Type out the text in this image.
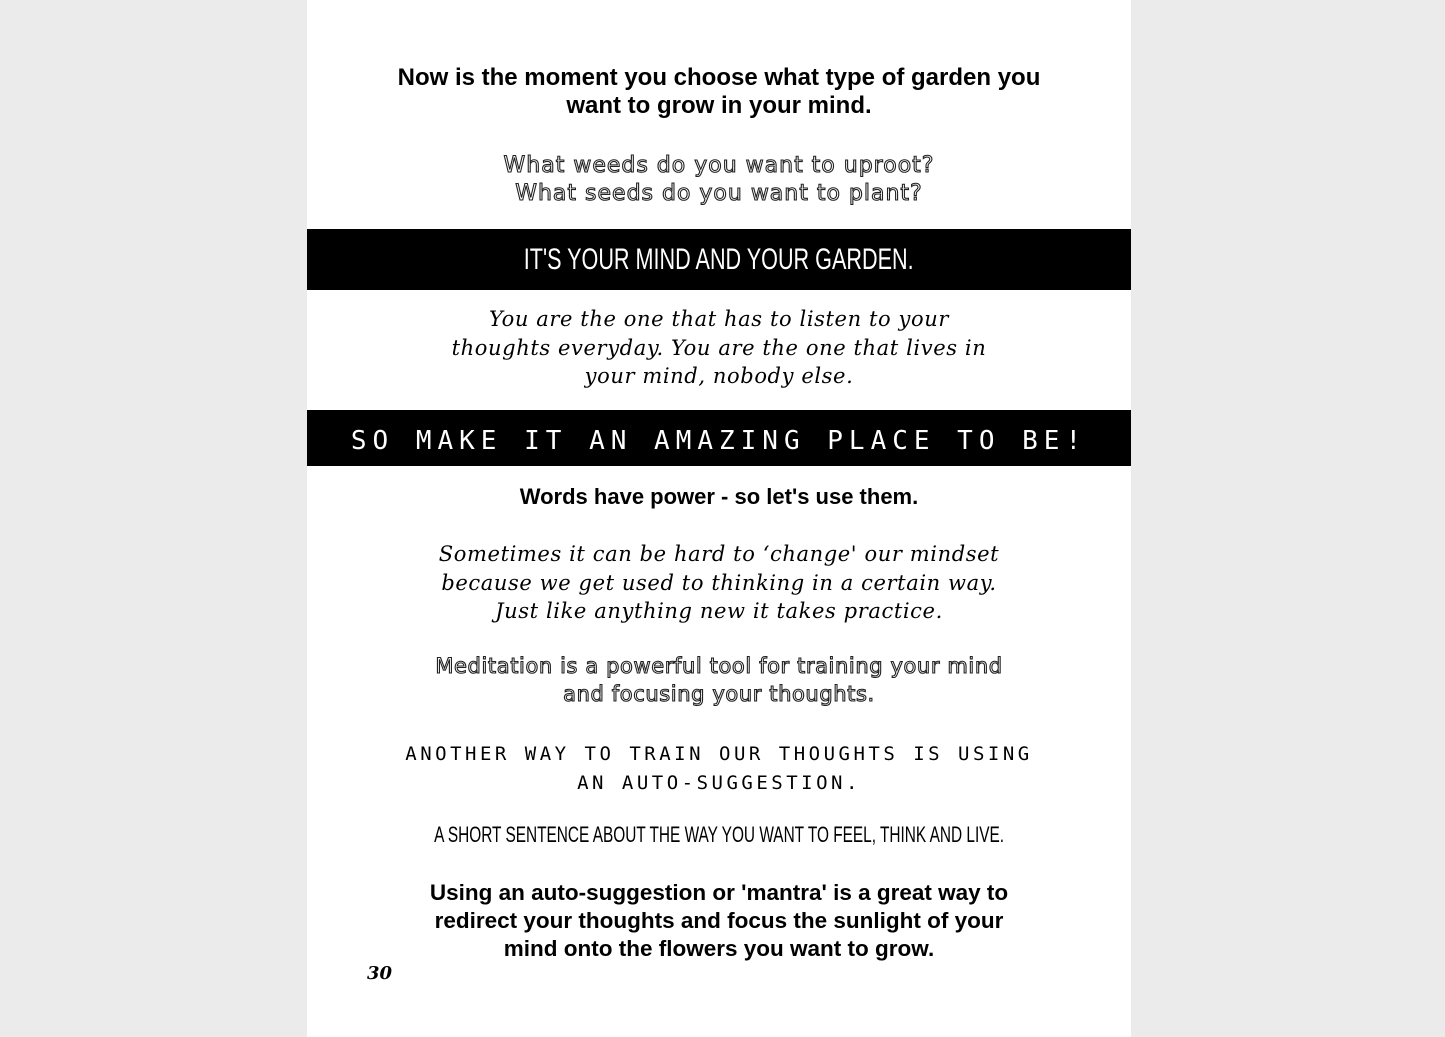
Now is the moment you choose what type of garden you
want to grow in your mind.
What weeds do you want to uproot?
What seeds do you want to plant?
IT'S YOUR MIND AND YOUR GARDEN.
You are the one that has to listen to your
thoughts everyday. You are the one that lives in
your mind, nobody else.
SO MAKE IT AN AMAZING PLACE TO BE!
Words have power - so let's use them.
Sometimes it can be hard to ‘change' our mindset
because we get used to thinking in a certain way.
Just like anything new it takes practice.
Meditation is a powerful tool for training your mind
and focusing your thoughts.
ANOTHER WAY TO TRAIN OUR THOUGHTS IS USING
AN AUTO-SUGGESTION.
A SHORT SENTENCE ABOUT THE WAY YOU WANT TO FEEL, THINK AND LIVE.
Using an auto-suggestion or 'mantra' is a great way to
redirect your thoughts and focus the sunlight of your
mind onto the flowers you want to grow.
30
